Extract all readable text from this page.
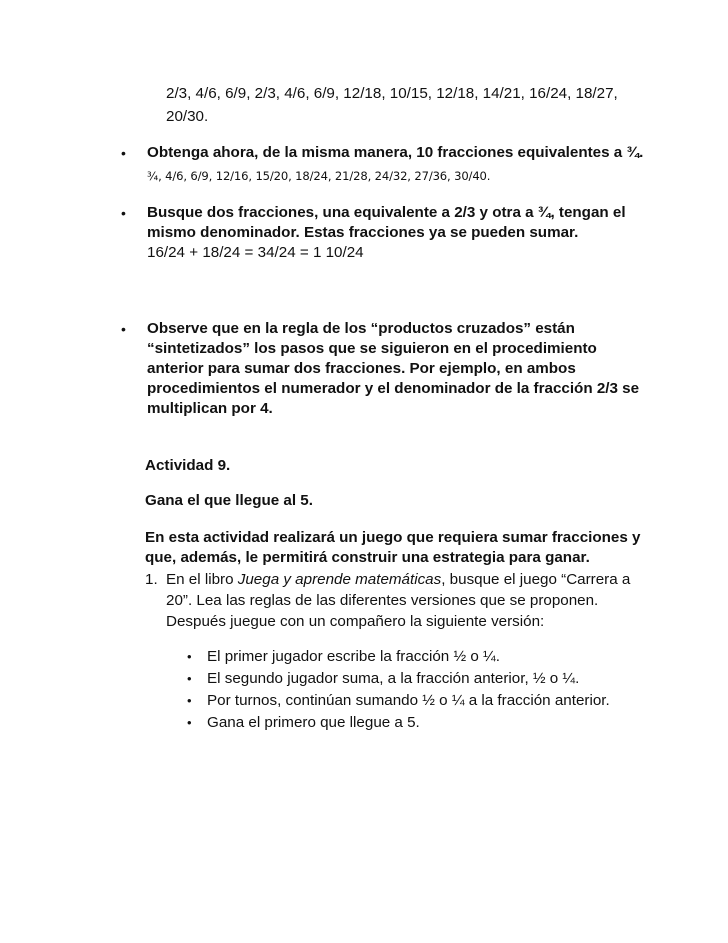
2/3, 4/6, 6/9, 2/3, 4/6, 6/9, 12/18, 10/15, 12/18, 14/21, 16/24, 18/27,
20/30.
• Obtenga ahora, de la misma manera, 10 fracciones equivalentes a ¾.
¾, 4/6, 6/9, 12/16, 15/20, 18/24, 21/28, 24/32, 27/36, 30/40.
• Busque dos fracciones, una equivalente a 2/3 y otra a ¾, tengan el
mismo denominador. Estas fracciones ya se pueden sumar.
16/24 + 18/24 = 34/24 = 1 10/24
• Observe que en la regla de los “productos cruzados” están
“sintetizados” los pasos que se siguieron en el procedimiento
anterior para sumar dos fracciones. Por ejemplo, en ambos
procedimientos el numerador y el denominador de la fracción 2/3 se
multiplican por 4.
Actividad 9.
Gana el que llegue al 5.
En esta actividad realizará un juego que requiera sumar fracciones y
que, además, le permitirá construir una estrategia para ganar.
1. En el libro Juega y aprende matemáticas, busque el juego “Carrera a
20”. Lea las reglas de las diferentes versiones que se proponen.
Después juegue con un compañero la siguiente versión:
• El primer jugador escribe la fracción ½ o ¼.
• El segundo jugador suma, a la fracción anterior, ½ o ¼.
• Por turnos, continúan sumando ½ o ¼ a la fracción anterior.
• Gana el primero que llegue a 5.
